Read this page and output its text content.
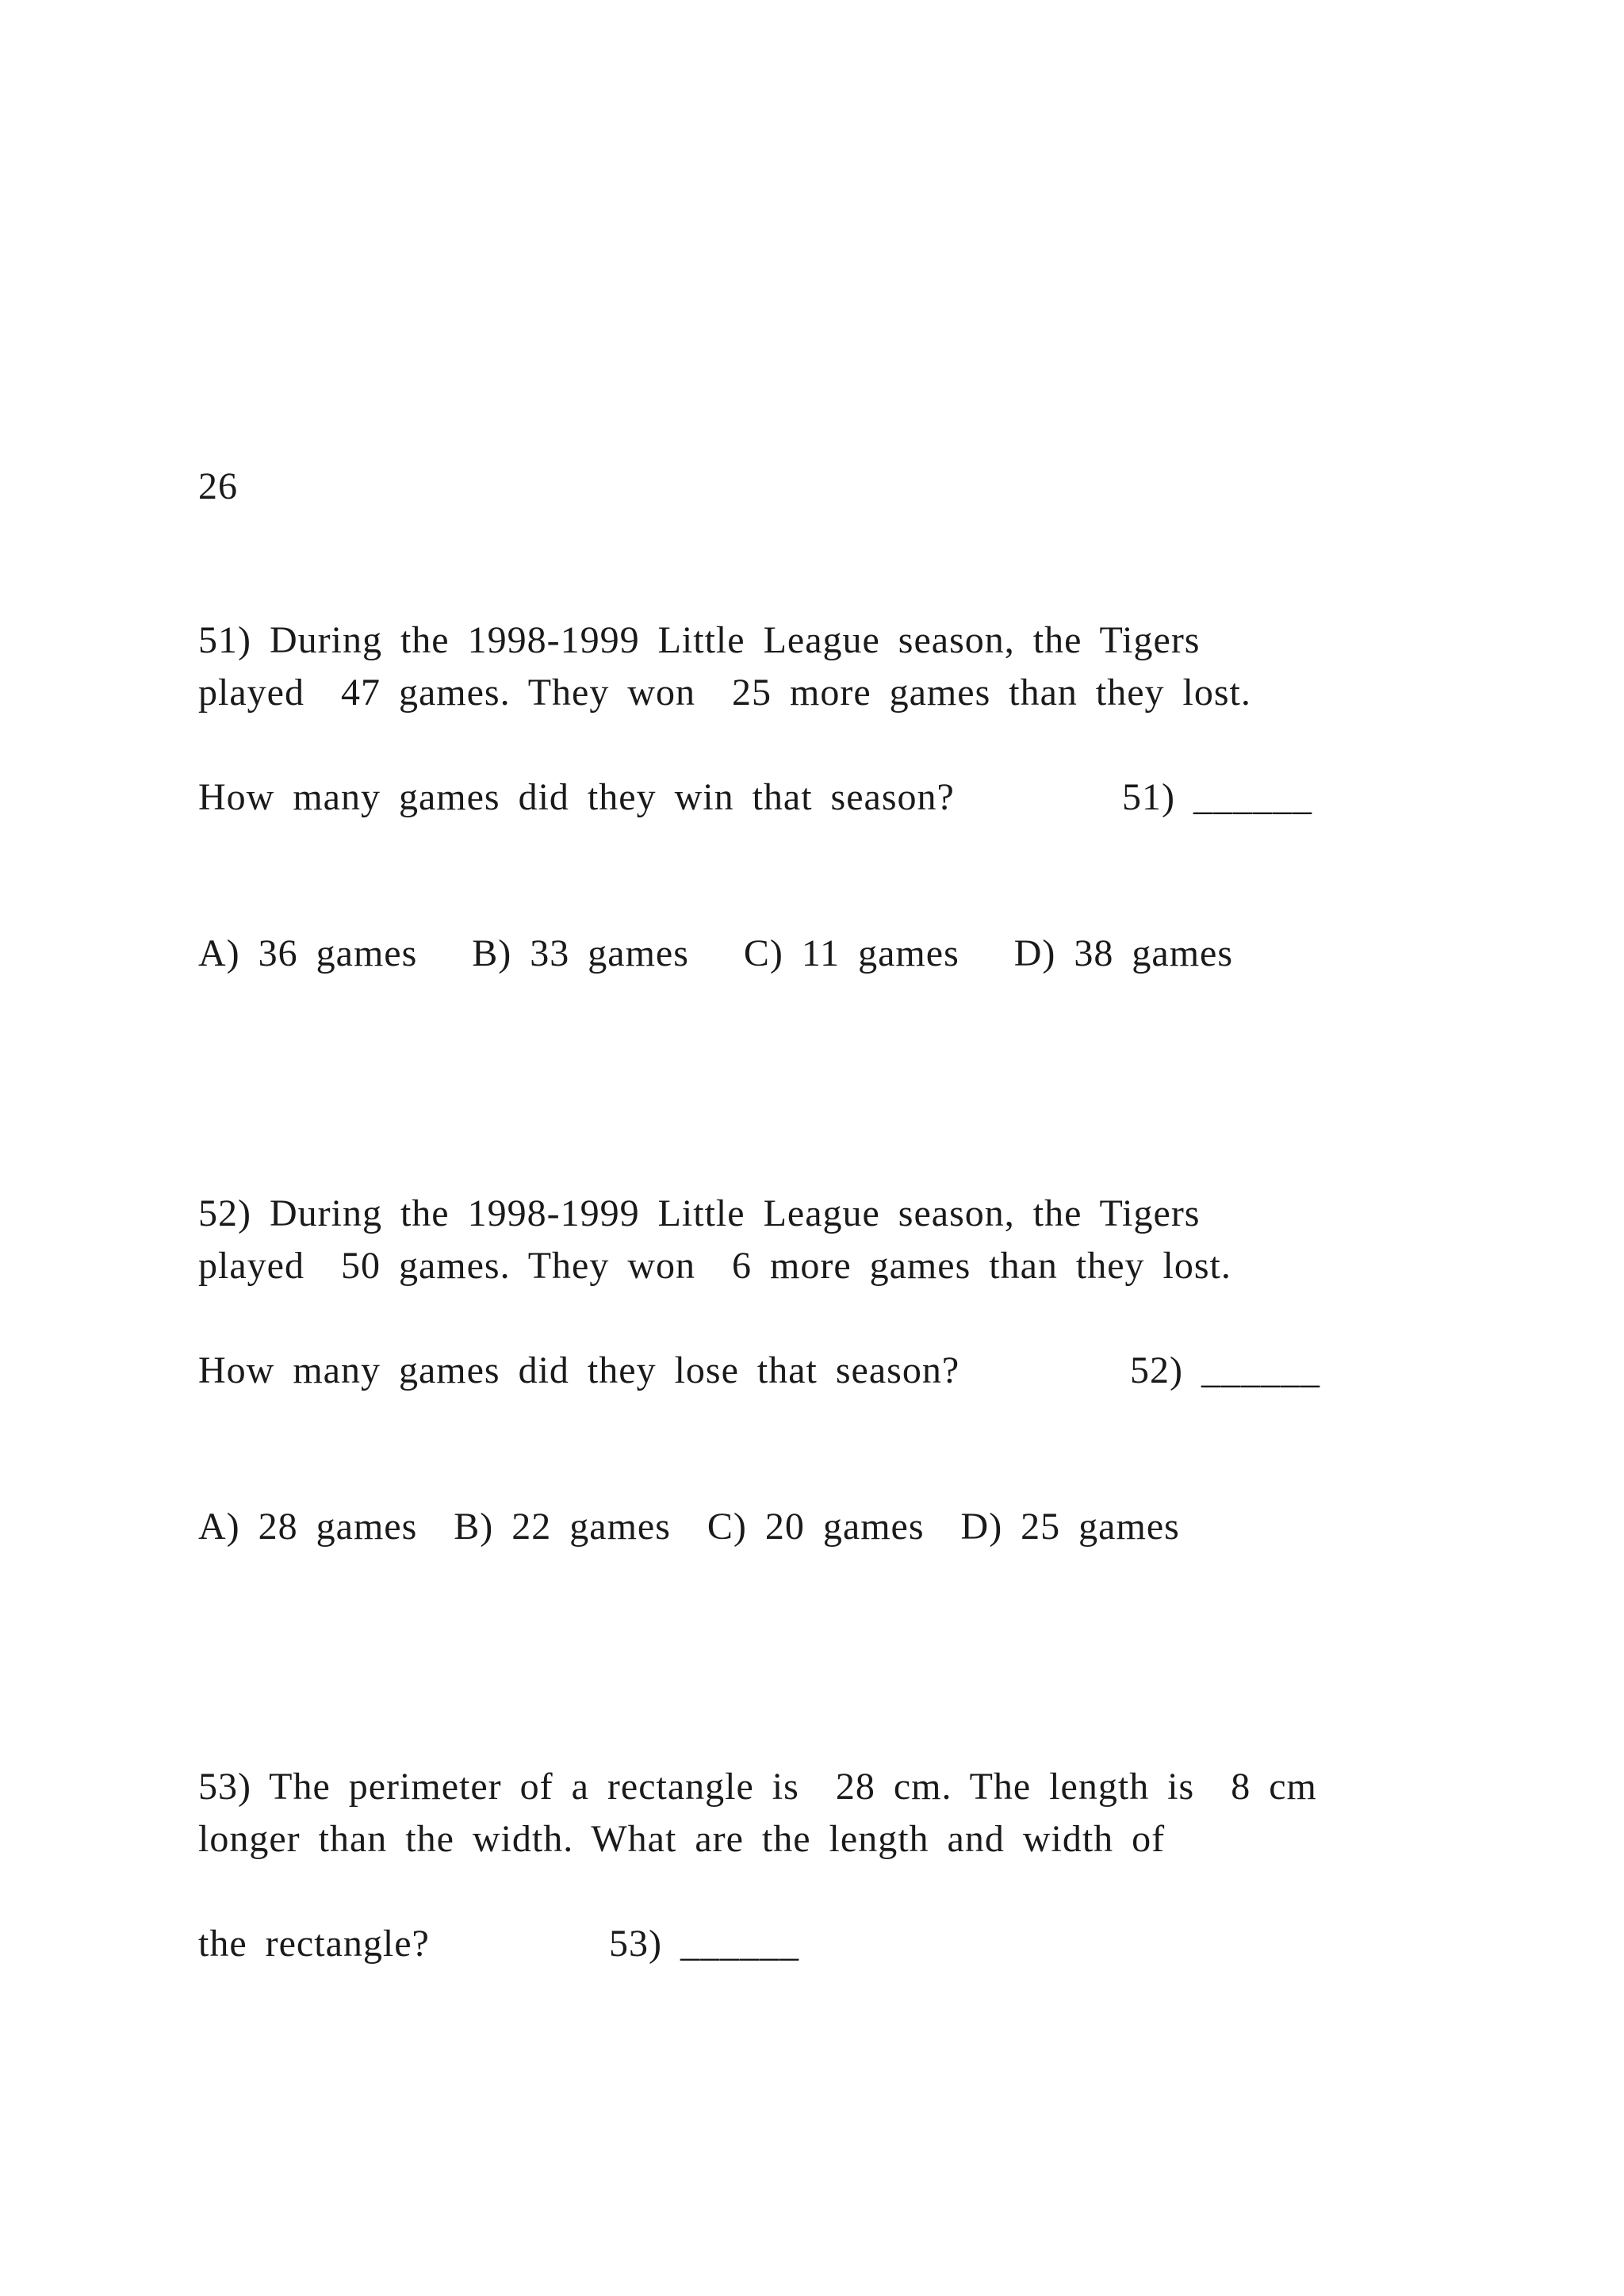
26
51) During the 1998-1999 Little League season, the Tigers
played  47 games. They won  25 more games than they lost.
How many games did they win that season?	51) ______
A) 36 games   B) 33 games   C) 11 games   D) 38 games
52) During the 1998-1999 Little League season, the Tigers
played  50 games. They won  6 more games than they lost.
How many games did they lose that season?	52) ______
A) 28 games  B) 22 games  C) 20 games  D) 25 games
53) The perimeter of a rectangle is  28 cm. The length is  8 cm
longer than the width. What are the length and width of
the rectangle?	53) ______
